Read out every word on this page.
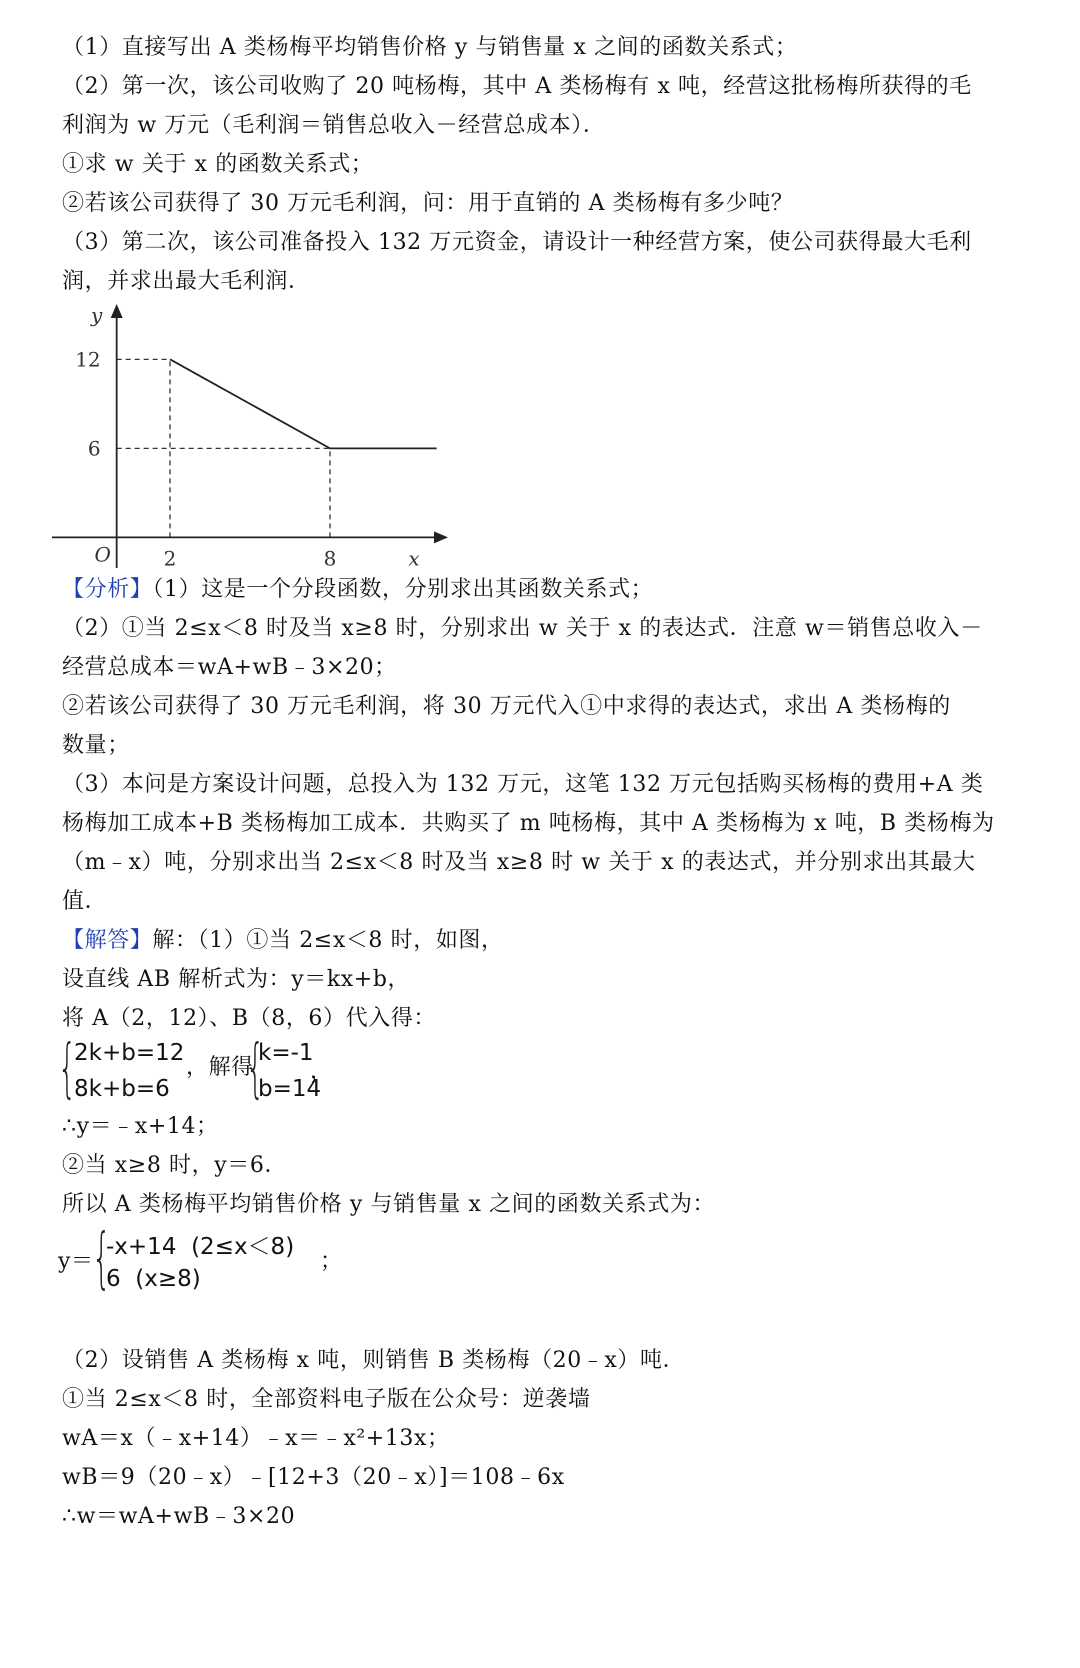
（1）直接写出 A 类杨梅平均销售价格 y 与销售量 x 之间的函数关系式；
（2）第一次，该公司收购了 20 吨杨梅，其中 A 类杨梅有 x 吨，经营这批杨梅所获得的毛
利润为 w 万元（毛利润＝销售总收入－经营总成本）．
①求 w 关于 x 的函数关系式；
②若该公司获得了 30 万元毛利润，问：用于直销的 A 类杨梅有多少吨？
（3）第二次，该公司准备投入 132 万元资金，请设计一种经营方案，使公司获得最大毛利
润，并求出最大毛利润．
y
x
O	2	8
12
6
【分析】（1）这是一个分段函数，分别求出其函数关系式；
（2）①当 2≤x＜8 时及当 x≥8 时，分别求出 w 关于 x 的表达式．注意 w＝销售总收入－
经营总成本＝wA+wB﹣3×20；
②若该公司获得了 30 万元毛利润，将 30 万元代入①中求得的表达式，求出 A 类杨梅的
数量；
（3）本问是方案设计问题，总投入为 132 万元，这笔 132 万元包括购买杨梅的费用+A 类
杨梅加工成本+B 类杨梅加工成本．共购买了 m 吨杨梅，其中 A 类杨梅为 x 吨，B 类杨梅为
（m﹣x）吨，分别求出当 2≤x＜8 时及当 x≥8 时 w 关于 x 的表达式，并分别求出其最大
值．
【解答】解：（1）①当 2≤x＜8 时，如图，
设直线 AB 解析式为：y＝kx+b，
将 A（2，12）、B（8，6）代入得：
{
2k+b=12
8k+b=6
，解得
{
k=-1
b=14
，
∴y＝﹣x+14；
②当 x≥8 时，y＝6．
所以 A 类杨梅平均销售价格 y 与销售量 x 之间的函数关系式为：
y＝
{
-x+14  (2≤x＜8)
6  (x≥8)
；
（2）设销售 A 类杨梅 x 吨，则销售 B 类杨梅（20﹣x）吨．
①当 2≤x＜8 时，全部资料电子版在公众号：逆袭墙
wA＝x（﹣x+14）﹣x＝﹣x²+13x；
wB＝9（20﹣x）﹣[12+3（20﹣x）]＝108﹣6x
∴w＝wA+wB﹣3×20
